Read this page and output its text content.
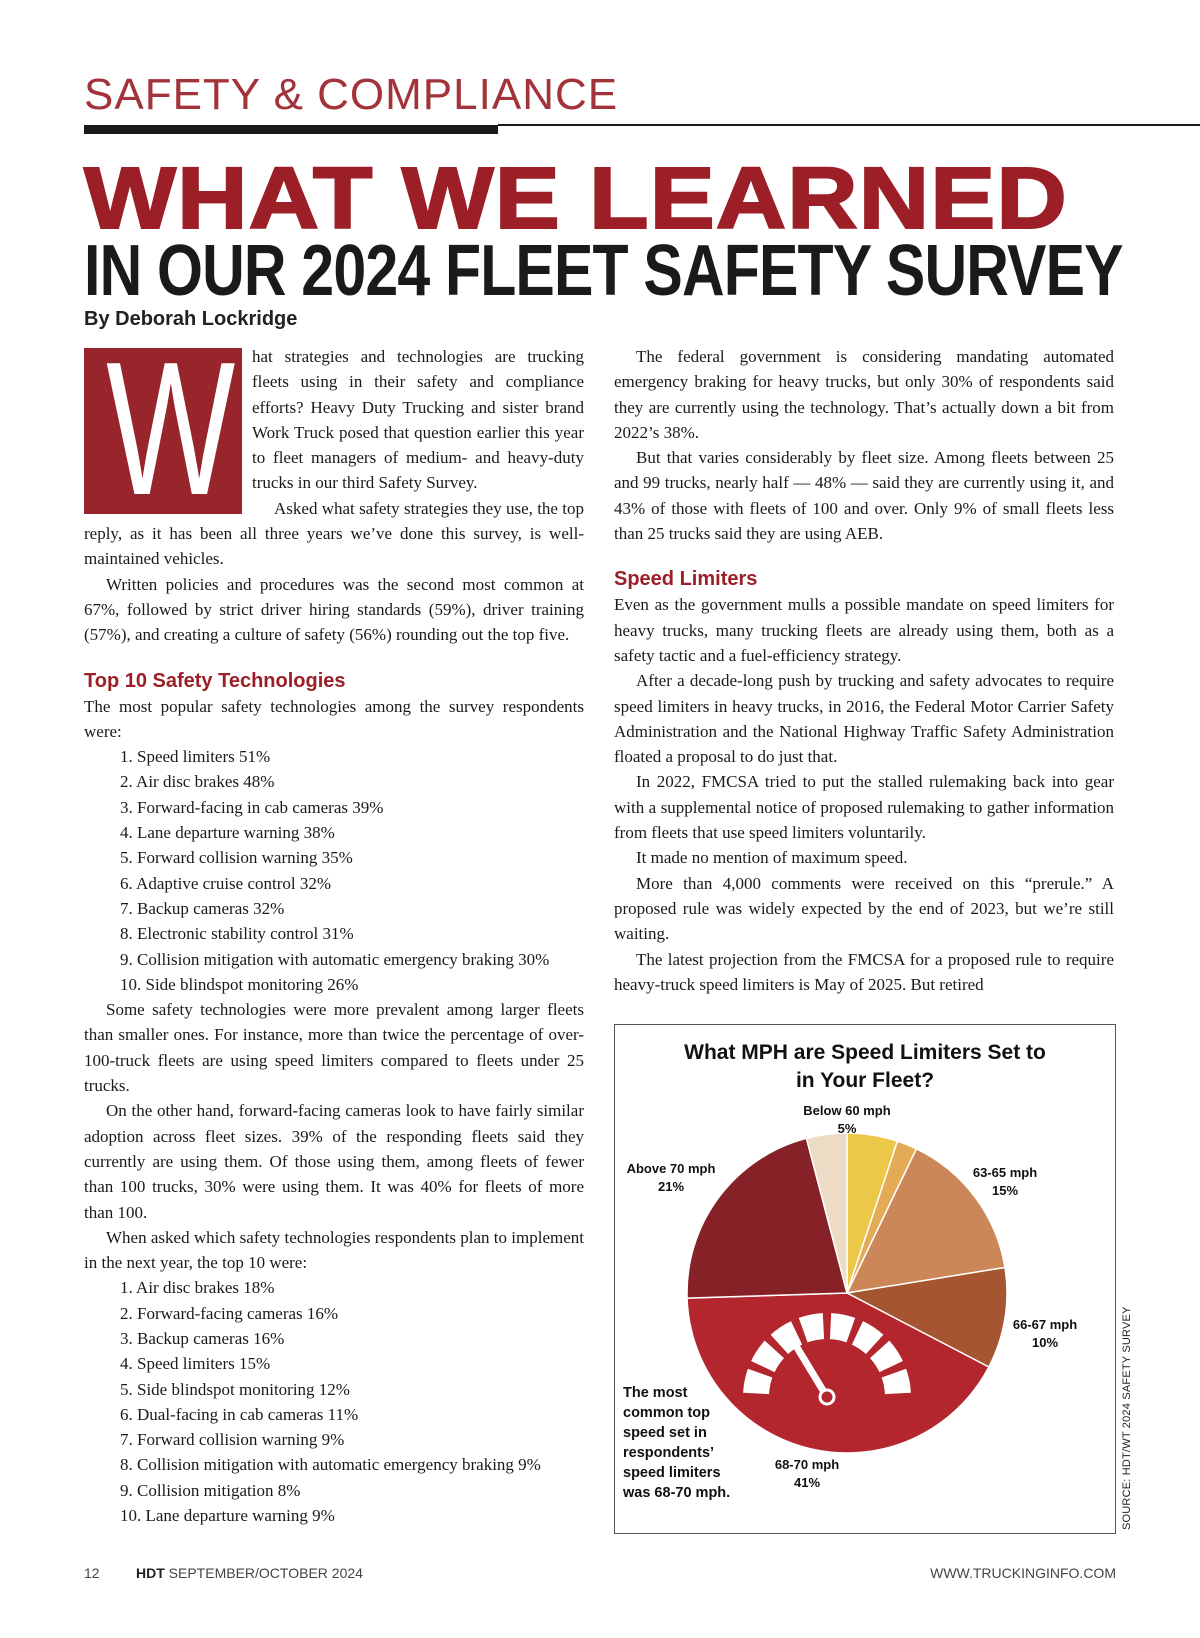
SAFETY & COMPLIANCE
WHAT WE LEARNED
IN OUR 2024 FLEET SAFETY SURVEY
By Deborah Lockridge
W hat strategies and technologies are trucking fleets using in their safety and compliance efforts? Heavy Duty Trucking and sister brand Work Truck posed that question earlier this year to fleet managers of medium- and heavy-duty trucks in our third Safety Survey.

Asked what safety strategies they use, the top reply, as it has been all three years we’ve done this survey, is well-maintained vehicles.

Written policies and procedures was the second most common at 67%, followed by strict driver hiring standards (59%), driver training (57%), and creating a culture of safety (56%) rounding out the top five.

Top 10 Safety Technologies

The most popular safety technologies among the survey respondents were:

1. Speed limiters 51%
2. Air disc brakes 48%
3. Forward-facing in cab cameras 39%
4. Lane departure warning 38%
5. Forward collision warning 35%
6. Adaptive cruise control 32%
7. Backup cameras 32%
8. Electronic stability control 31%
9. Collision mitigation with automatic emergency braking 30%
10. Side blindspot monitoring 26%

Some safety technologies were more prevalent among larger fleets than smaller ones. For instance, more than twice the percentage of over-100-truck fleets are using speed limiters compared to fleets under 25 trucks.

On the other hand, forward-facing cameras look to have fairly similar adoption across fleet sizes. 39% of the responding fleets said they currently are using them. Of those using them, among fleets of fewer than 100 trucks, 30% were using them. It was 40% for fleets of more than 100.

When asked which safety technologies respondents plan to implement in the next year, the top 10 were:

1. Air disc brakes 18%
2. Forward-facing cameras 16%
3. Backup cameras 16%
4. Speed limiters 15%
5. Side blindspot monitoring 12%
6. Dual-facing in cab cameras 11%
7. Forward collision warning 9%
8. Collision mitigation with automatic emergency braking 9%
9. Collision mitigation 8%
10. Lane departure warning 9%

The federal government is considering mandating automated emergency braking for heavy trucks, but only 30% of respondents said they are currently using the technology. That’s actually down a bit from 2022’s 38%.

But that varies considerably by fleet size. Among fleets between 25 and 99 trucks, nearly half — 48% — said they are currently using it, and 43% of those with fleets of 100 and over. Only 9% of small fleets less than 25 trucks said they are using AEB.

Speed Limiters

Even as the government mulls a possible mandate on speed limiters for heavy trucks, many trucking fleets are already using them, both as a safety tactic and a fuel-efficiency strategy.

After a decade-long push by trucking and safety advocates to require speed limiters in heavy trucks, in 2016, the Federal Motor Carrier Safety Administration and the National Highway Traffic Safety Administration floated a proposal to do just that.

In 2022, FMCSA tried to put the stalled rulemaking back into gear with a supplemental notice of proposed rulemaking to gather information from fleets that use speed limiters voluntarily.

It made no mention of maximum speed.

More than 4,000 comments were received on this “prerule.” A proposed rule was widely expected by the end of 2023, but we’re still waiting.

The latest projection from the FMCSA for a proposed rule to require heavy-truck speed limiters is May of 2025. But retired

What MPH are Speed Limiters Set to
in Your Fleet?
Below 60 mph
5%
63-65 mph
15%
66-67 mph
10%
68-70 mph
41%
Above 70 mph
21%
The most
common top
speed set in
respondents’
speed limiters
was 68-70 mph.	SOURCE: HDT/WT 2024 SAFETY SURVEY
12	HDT SEPTEMBER/OCTOBER 2024	WWW.TRUCKINGINFO.COM
